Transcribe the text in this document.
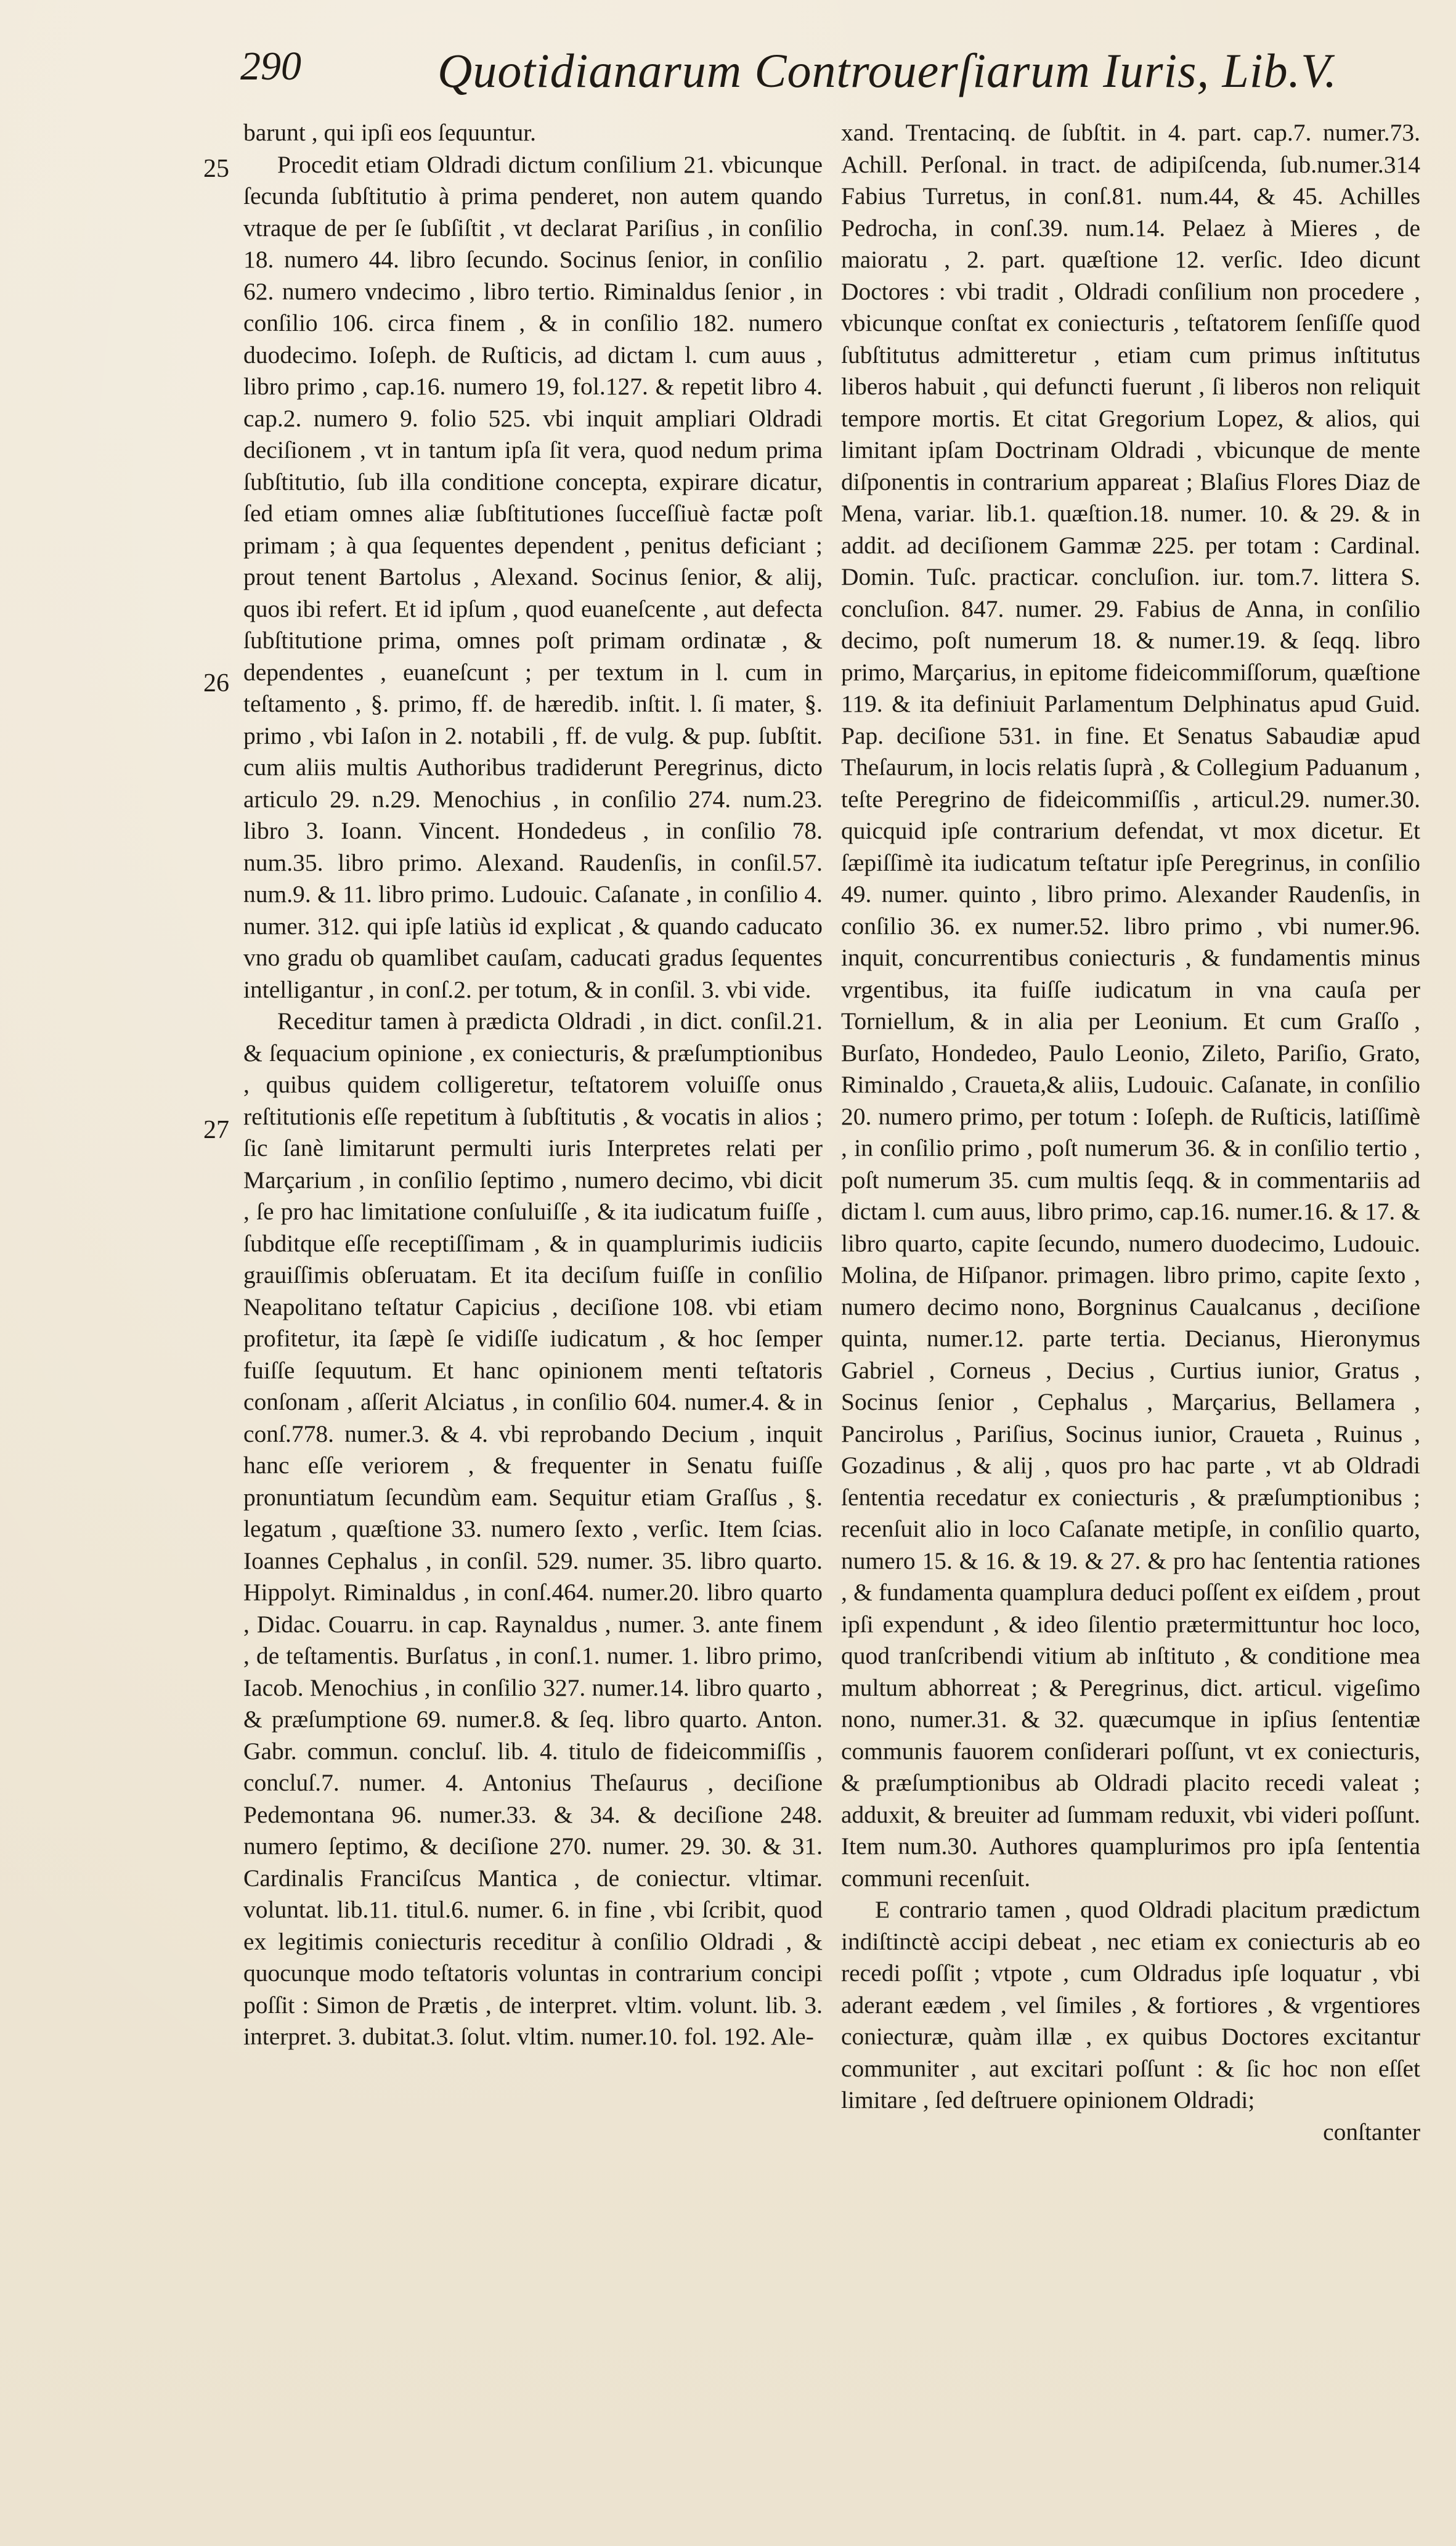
290	Quotidianarum Controuerſiarum Iuris, Lib.V.
25
26
27

barunt , qui ipſi eos ſequuntur.

Procedit etiam Oldradi dictum conſilium 21. vbicunque ſecunda ſubſtitutio à prima penderet, non autem quando vtraque de per ſe ſubſiſtit , vt declarat Pariſius , in conſilio 18. numero 44. libro ſecundo. Socinus ſenior, in conſilio 62. numero vndecimo , libro tertio. Riminaldus ſenior , in conſilio 106. circa finem , & in conſilio 182. numero duodecimo. Ioſeph. de Ruſticis, ad dictam l. cum auus , libro primo , cap.16. numero 19, fol.127. & repetit libro 4. cap.2. numero 9. folio 525. vbi inquit ampliari Oldradi deciſionem , vt in tantum ipſa ſit vera, quod nedum prima ſubſtitutio, ſub illa conditione concepta, expirare dicatur, ſed etiam omnes aliæ ſubſtitutiones ſucceſſiuè factæ poſt primam ; à qua ſequentes dependent , penitus deficiant ; prout tenent Bartolus , Alexand. Socinus ſenior, & alij, quos ibi refert. Et id ipſum , quod euaneſcente , aut defecta ſubſtitutione prima, omnes poſt primam ordinatæ , & dependentes , euaneſcunt ; per textum in l. cum in teſtamento , §. primo, ff. de hæredib. inſtit. l. ſi mater, §. primo , vbi Iaſon in 2. notabili , ff. de vulg. & pup. ſubſtit. cum aliis multis Authoribus tradiderunt Peregrinus, dicto articulo 29. n.29. Menochius , in conſilio 274. num.23. libro 3. Ioann. Vincent. Hondedeus , in conſilio 78. num.35. libro primo. Alexand. Raudenſis, in conſil.57. num.9. & 11. libro primo. Ludouic. Caſanate , in conſilio 4. numer. 312. qui ipſe latiùs id explicat , & quando caducato vno gradu ob quamlibet cauſam, caducati gradus ſequentes intelligantur , in conſ.2. per totum, & in conſil. 3. vbi vide.

Receditur tamen à prædicta Oldradi , in dict. conſil.21. & ſequacium opinione , ex coniecturis, & præſumptionibus , quibus quidem colligeretur, teſtatorem voluiſſe onus reſtitutionis eſſe repetitum à ſubſtitutis , & vocatis in alios ; ſic ſanè limitarunt permulti iuris Interpretes relati per Marçarium , in conſilio ſeptimo , numero decimo, vbi dicit , ſe pro hac limitatione conſuluiſſe , & ita iudicatum fuiſſe , ſubditque eſſe receptiſſimam , & in quamplurimis iudiciis grauiſſimis obſeruatam. Et ita deciſum fuiſſe in conſilio Neapolitano teſtatur Capicius , deciſione 108. vbi etiam profitetur, ita ſæpè ſe vidiſſe iudicatum , & hoc ſemper fuiſſe ſequutum. Et hanc opinionem menti teſtatoris conſonam , aſſerit Alciatus , in conſilio 604. numer.4. & in conſ.778. numer.3. & 4. vbi reprobando Decium , inquit hanc eſſe veriorem , & frequenter in Senatu fuiſſe pronuntiatum ſecundùm eam. Sequitur etiam Graſſus , §. legatum , quæſtione 33. numero ſexto , verſic. Item ſcias. Ioannes Cephalus , in conſil. 529. numer. 35. libro quarto. Hippolyt. Riminaldus , in conſ.464. numer.20. libro quarto , Didac. Couarru. in cap. Raynaldus , numer. 3. ante finem , de teſtamentis. Burſatus , in conſ.1. numer. 1. libro primo, Iacob. Menochius , in conſilio 327. numer.14. libro quarto , & præſumptione 69. numer.8. & ſeq. libro quarto. Anton. Gabr. commun. concluſ. lib. 4. titulo de fideicommiſſis , concluſ.7. numer. 4. Antonius Theſaurus , deciſione Pedemontana 96. numer.33. & 34. & deciſione 248. numero ſeptimo, & deciſione 270. numer. 29. 30. & 31. Cardinalis Franciſcus Mantica , de coniectur. vltimar. voluntat. lib.11. titul.6. numer. 6. in fine , vbi ſcribit, quod ex legitimis coniecturis receditur à conſilio Oldradi , & quocunque modo teſtatoris voluntas in contrarium concipi poſſit : Simon de Prætis , de interpret. vltim. volunt. lib. 3. interpret. 3. dubitat.3. ſolut. vltim. numer.10. fol. 192. Ale-

xand. Trentacinq. de ſubſtit. in 4. part. cap.7. numer.73. Achill. Perſonal. in tract. de adipiſcenda, ſub.numer.314 Fabius Turretus, in conſ.81. num.44, & 45. Achilles Pedrocha, in conſ.39. num.14. Pelaez à Mieres , de maioratu , 2. part. quæſtione 12. verſic. Ideo dicunt Doctores : vbi tradit , Oldradi conſilium non procedere , vbicunque conſtat ex coniecturis , teſtatorem ſenſiſſe quod ſubſtitutus admitteretur , etiam cum primus inſtitutus liberos habuit , qui defuncti fuerunt , ſi liberos non reliquit tempore mortis. Et citat Gregorium Lopez, & alios, qui limitant ipſam Doctrinam Oldradi , vbicunque de mente diſponentis in contrarium appareat ; Blaſius Flores Diaz de Mena, variar. lib.1. quæſtion.18. numer. 10. & 29. & in addit. ad deciſionem Gammæ 225. per totam : Cardinal. Domin. Tuſc. practicar. concluſion. iur. tom.7. littera S. concluſion. 847. numer. 29. Fabius de Anna, in conſilio decimo, poſt numerum 18. & numer.19. & ſeqq. libro primo, Marçarius, in epitome fideicommiſſorum, quæſtione 119. & ita definiuit Parlamentum Delphinatus apud Guid. Pap. deciſione 531. in fine. Et Senatus Sabaudiæ apud Theſaurum, in locis relatis ſuprà , & Collegium Paduanum , teſte Peregrino de fideicommiſſis , articul.29. numer.30. quicquid ipſe contrarium defendat, vt mox dicetur. Et ſæpiſſimè ita iudicatum teſtatur ipſe Peregrinus, in conſilio 49. numer. quinto , libro primo. Alexander Raudenſis, in conſilio 36. ex numer.52. libro primo , vbi numer.96. inquit, concurrentibus coniecturis , & fundamentis minus vrgentibus, ita fuiſſe iudicatum in vna cauſa per Torniellum, & in alia per Leonium. Et cum Graſſo , Burſato, Hondedeo, Paulo Leonio, Zileto, Pariſio, Grato, Riminaldo , Craueta,& aliis, Ludouic. Caſanate, in conſilio 20. numero primo, per totum : Ioſeph. de Ruſticis, latiſſimè , in conſilio primo , poſt numerum 36. & in conſilio tertio , poſt numerum 35. cum multis ſeqq. & in commentariis ad dictam l. cum auus, libro primo, cap.16. numer.16. & 17. & libro quarto, capite ſecundo, numero duodecimo, Ludouic. Molina, de Hiſpanor. primagen. libro primo, capite ſexto , numero decimo nono, Borgninus Caualcanus , deciſione quinta, numer.12. parte tertia. Decianus, Hieronymus Gabriel , Corneus , Decius , Curtius iunior, Gratus , Socinus ſenior , Cephalus , Marçarius, Bellamera , Pancirolus , Pariſius, Socinus iunior, Craueta , Ruinus , Gozadinus , & alij , quos pro hac parte , vt ab Oldradi ſententia recedatur ex coniecturis , & præſumptionibus ; recenſuit alio in loco Caſanate metipſe, in conſilio quarto, numero 15. & 16. & 19. & 27. & pro hac ſententia rationes , & fundamenta quamplura deduci poſſent ex eiſdem , prout ipſi expendunt , & ideo ſilentio prætermittuntur hoc loco, quod tranſcribendi vitium ab inſtituto , & conditione mea multum abhorreat ; & Peregrinus, dict. articul. vigeſimo nono, numer.31. & 32. quæcumque in ipſius ſententiæ communis fauorem conſiderari poſſunt, vt ex coniecturis, & præſumptionibus ab Oldradi placito recedi valeat ; adduxit, & breuiter ad ſummam reduxit, vbi videri poſſunt. Item num.30. Authores quamplurimos pro ipſa ſententia communi recenſuit.

E contrario tamen , quod Oldradi placitum prædictum indiſtinctè accipi debeat , nec etiam ex coniecturis ab eo recedi poſſit ; vtpote , cum Oldradus ipſe loquatur , vbi aderant eædem , vel ſimiles , & fortiores , & vrgentiores coniecturæ, quàm illæ , ex quibus Doctores excitantur communiter , aut excitari poſſunt : & ſic hoc non eſſet limitare , ſed deſtruere opinionem Oldradi;

conſtanter
